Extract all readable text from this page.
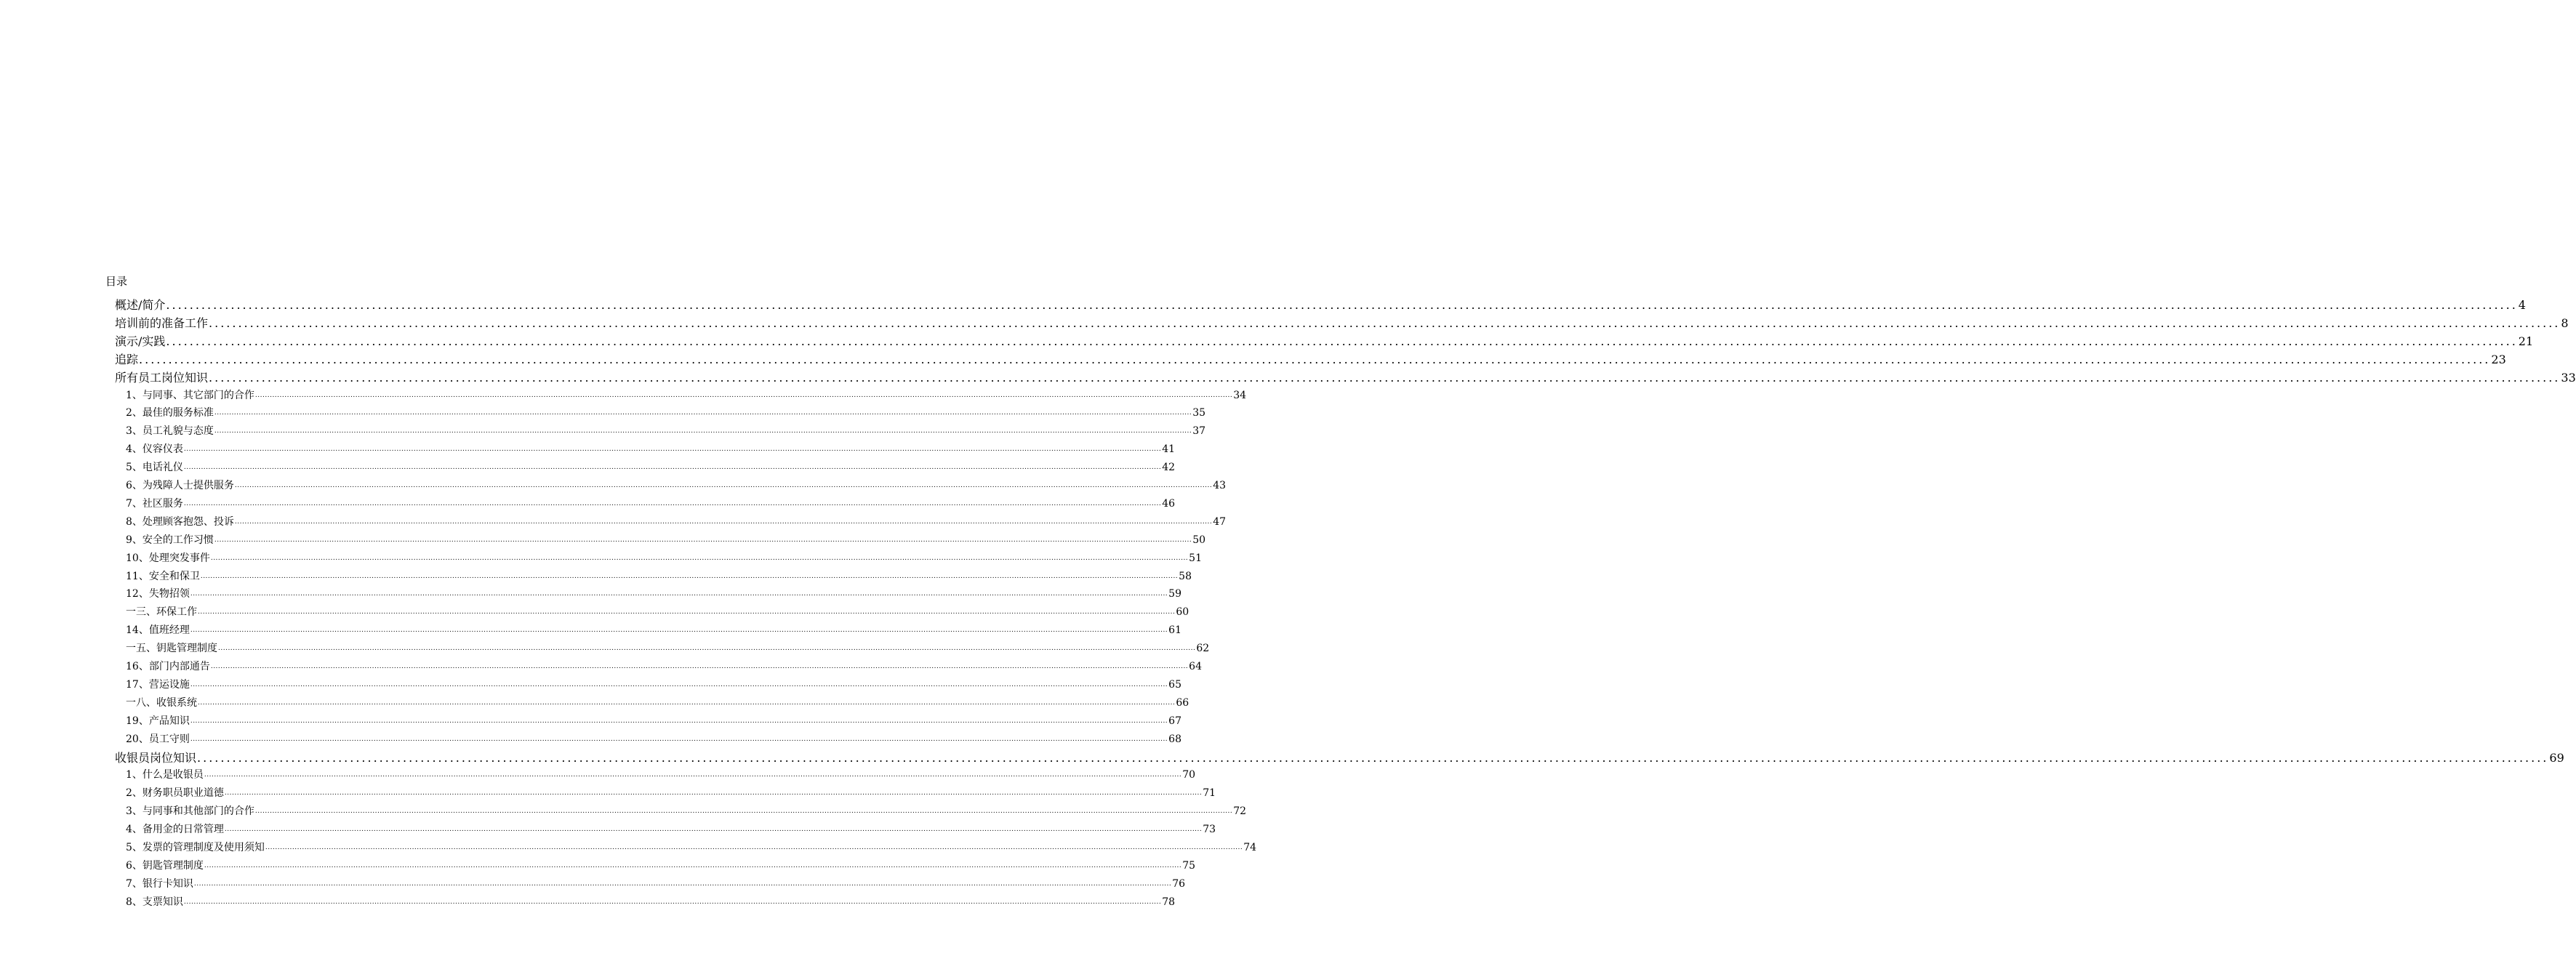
目录
概述/简介 ................................................................................................................................................................................................................................................................................................................................................................................................................ 4
培训前的准备工作 ................................................................................................................................................................................................................................................................................................................................................................................................................ 8
演示/实践 ................................................................................................................................................................................................................................................................................................................................................................................................................ 21
追踪 ................................................................................................................................................................................................................................................................................................................................................................................................................ 23
所有员工岗位知识 ................................................................................................................................................................................................................................................................................................................................................................................................................ 33
1、与同事、其它部门的合作 ................................................................................................................................................................................................................................................................................................................................................................................................................ 34
2、最佳的服务标准 ................................................................................................................................................................................................................................................................................................................................................................................................................ 35
3、员工礼貌与态度 ................................................................................................................................................................................................................................................................................................................................................................................................................ 37
4、仪容仪表 ................................................................................................................................................................................................................................................................................................................................................................................................................ 41
5、电话礼仪 ................................................................................................................................................................................................................................................................................................................................................................................................................ 42
6、为残障人士提供服务 ................................................................................................................................................................................................................................................................................................................................................................................................................ 43
7、社区服务 ................................................................................................................................................................................................................................................................................................................................................................................................................ 46
8、处理顾客抱怨、投诉 ................................................................................................................................................................................................................................................................................................................................................................................................................ 47
9、安全的工作习惯 ................................................................................................................................................................................................................................................................................................................................................................................................................ 50
10、处理突发事件 ................................................................................................................................................................................................................................................................................................................................................................................................................ 51
11、安全和保卫 ................................................................................................................................................................................................................................................................................................................................................................................................................ 58
12、失物招领 ................................................................................................................................................................................................................................................................................................................................................................................................................ 59
一三、环保工作 ................................................................................................................................................................................................................................................................................................................................................................................................................ 60
14、值班经理 ................................................................................................................................................................................................................................................................................................................................................................................................................ 61
一五、钥匙管理制度 ................................................................................................................................................................................................................................................................................................................................................................................................................ 62
16、部门内部通告 ................................................................................................................................................................................................................................................................................................................................................................................................................ 64
17、营运设施 ................................................................................................................................................................................................................................................................................................................................................................................................................ 65
一八、收银系统 ................................................................................................................................................................................................................................................................................................................................................................................................................ 66
19、产品知识 ................................................................................................................................................................................................................................................................................................................................................................................................................ 67
20、员工守则 ................................................................................................................................................................................................................................................................................................................................................................................................................ 68
收银员岗位知识 ................................................................................................................................................................................................................................................................................................................................................................................................................ 69
1、什么是收银员 ................................................................................................................................................................................................................................................................................................................................................................................................................ 70
2、财务职员职业道德 ................................................................................................................................................................................................................................................................................................................................................................................................................ 71
3、与同事和其他部门的合作 ................................................................................................................................................................................................................................................................................................................................................................................................................ 72
4、备用金的日常管理 ................................................................................................................................................................................................................................................................................................................................................................................................................ 73
5、发票的管理制度及使用须知 ................................................................................................................................................................................................................................................................................................................................................................................................................ 74
6、钥匙管理制度 ................................................................................................................................................................................................................................................................................................................................................................................................................ 75
7、银行卡知识 ................................................................................................................................................................................................................................................................................................................................................................................................................ 76
8、支票知识 ................................................................................................................................................................................................................................................................................................................................................................................................................ 78
